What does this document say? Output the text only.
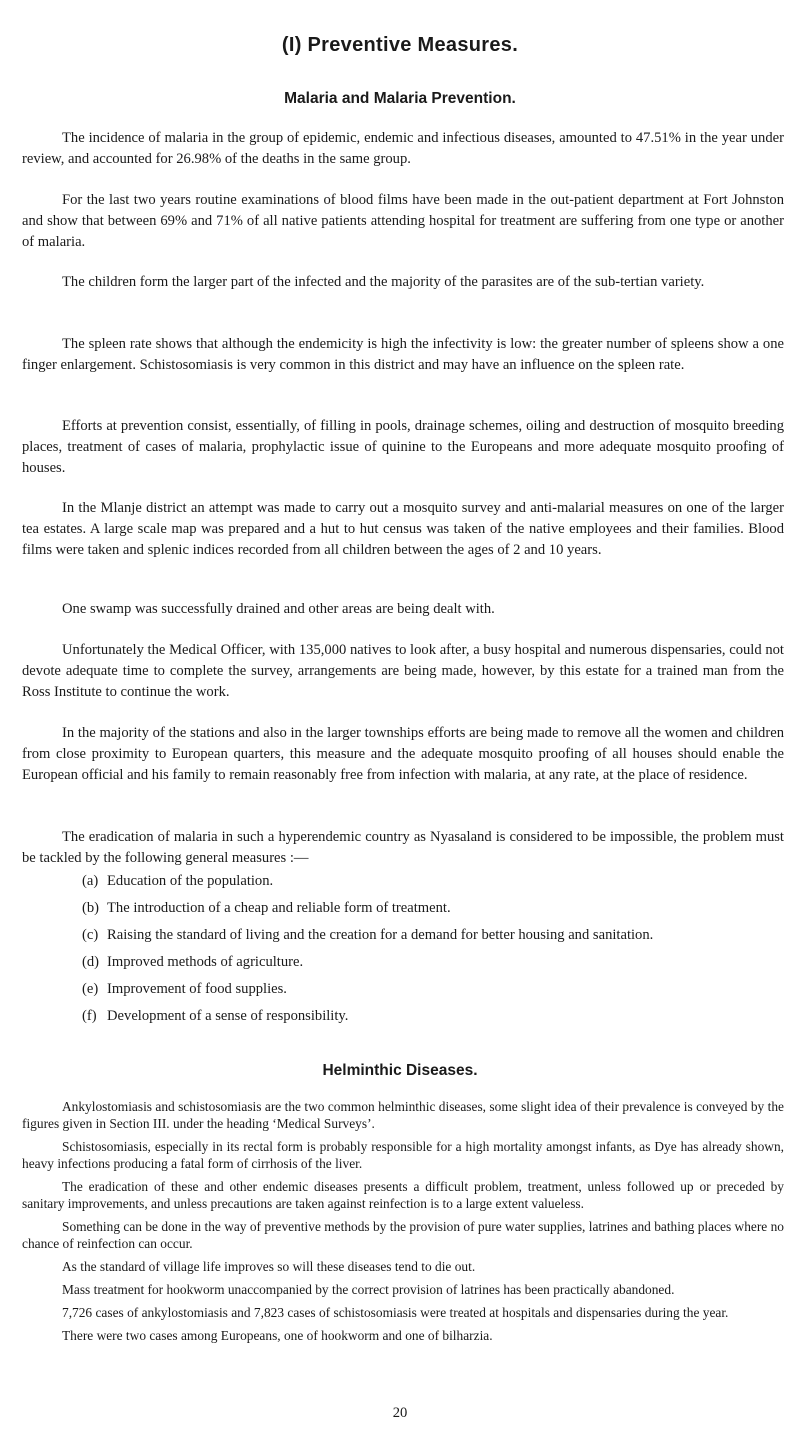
(I) Preventive Measures.
Malaria and Malaria Prevention.

The incidence of malaria in the group of epidemic, endemic and infectious diseases, amounted to 47.51% in the year under review, and accounted for 26.98% of the deaths in the same group.

For the last two years routine examinations of blood films have been made in the out-patient department at Fort Johnston and show that between 69% and 71% of all native patients attending hospital for treatment are suffering from one type or another of malaria.

The children form the larger part of the infected and the majority of the parasites are of the sub-tertian variety.

The spleen rate shows that although the endemicity is high the infectivity is low: the greater number of spleens show a one finger enlargement. Schistosomiasis is very common in this district and may have an influence on the spleen rate.

Efforts at prevention consist, essentially, of filling in pools, drainage schemes, oiling and destruction of mosquito breeding places, treatment of cases of malaria, prophylactic issue of quinine to the Europeans and more adequate mosquito proofing of houses.

In the Mlanje district an attempt was made to carry out a mosquito survey and anti-malarial measures on one of the larger tea estates. A large scale map was prepared and a hut to hut census was taken of the native employees and their families. Blood films were taken and splenic indices recorded from all children between the ages of 2 and 10 years.

One swamp was successfully drained and other areas are being dealt with.

Unfortunately the Medical Officer, with 135,000 natives to look after, a busy hospital and numerous dispensaries, could not devote adequate time to complete the survey, arrangements are being made, however, by this estate for a trained man from the Ross Institute to continue the work.

In the majority of the stations and also in the larger townships efforts are being made to remove all the women and children from close proximity to European quarters, this measure and the adequate mosquito proofing of all houses should enable the European official and his family to remain reasonably free from infection with malaria, at any rate, at the place of residence.

The eradication of malaria in such a hyperendemic country as Nyasaland is considered to be impossible, the problem must be tackled by the following general measures :—

(a) Education of the population.
(b) The introduction of a cheap and reliable form of treatment.
(c) Raising the standard of living and the creation for a demand for better housing and sanitation.
(d) Improved methods of agriculture.
(e) Improvement of food supplies.
(f) Development of a sense of responsibility.
Helminthic Diseases.
20

Ankylostomiasis and schistosomiasis are the two common helminthic diseases, some slight idea of their prevalence is conveyed by the figures given in Section III. under the heading ‘Medical Surveys’.

Schistosomiasis, especially in its rectal form is probably responsible for a high mortality amongst infants, as Dye has already shown, heavy infections producing a fatal form of cirrhosis of the liver.

The eradication of these and other endemic diseases presents a difficult problem, treatment, unless followed up or preceded by sanitary improvements, and unless precautions are taken against reinfection is to a large extent valueless.

Something can be done in the way of preventive methods by the provision of pure water supplies, latrines and bathing places where no chance of reinfection can occur.

As the standard of village life improves so will these diseases tend to die out.

Mass treatment for hookworm unaccompanied by the correct provision of latrines has been practically abandoned.

7,726 cases of ankylostomiasis and 7,823 cases of schistosomiasis were treated at hospitals and dispensaries during the year.

There were two cases among Europeans, one of hookworm and one of bilharzia.
